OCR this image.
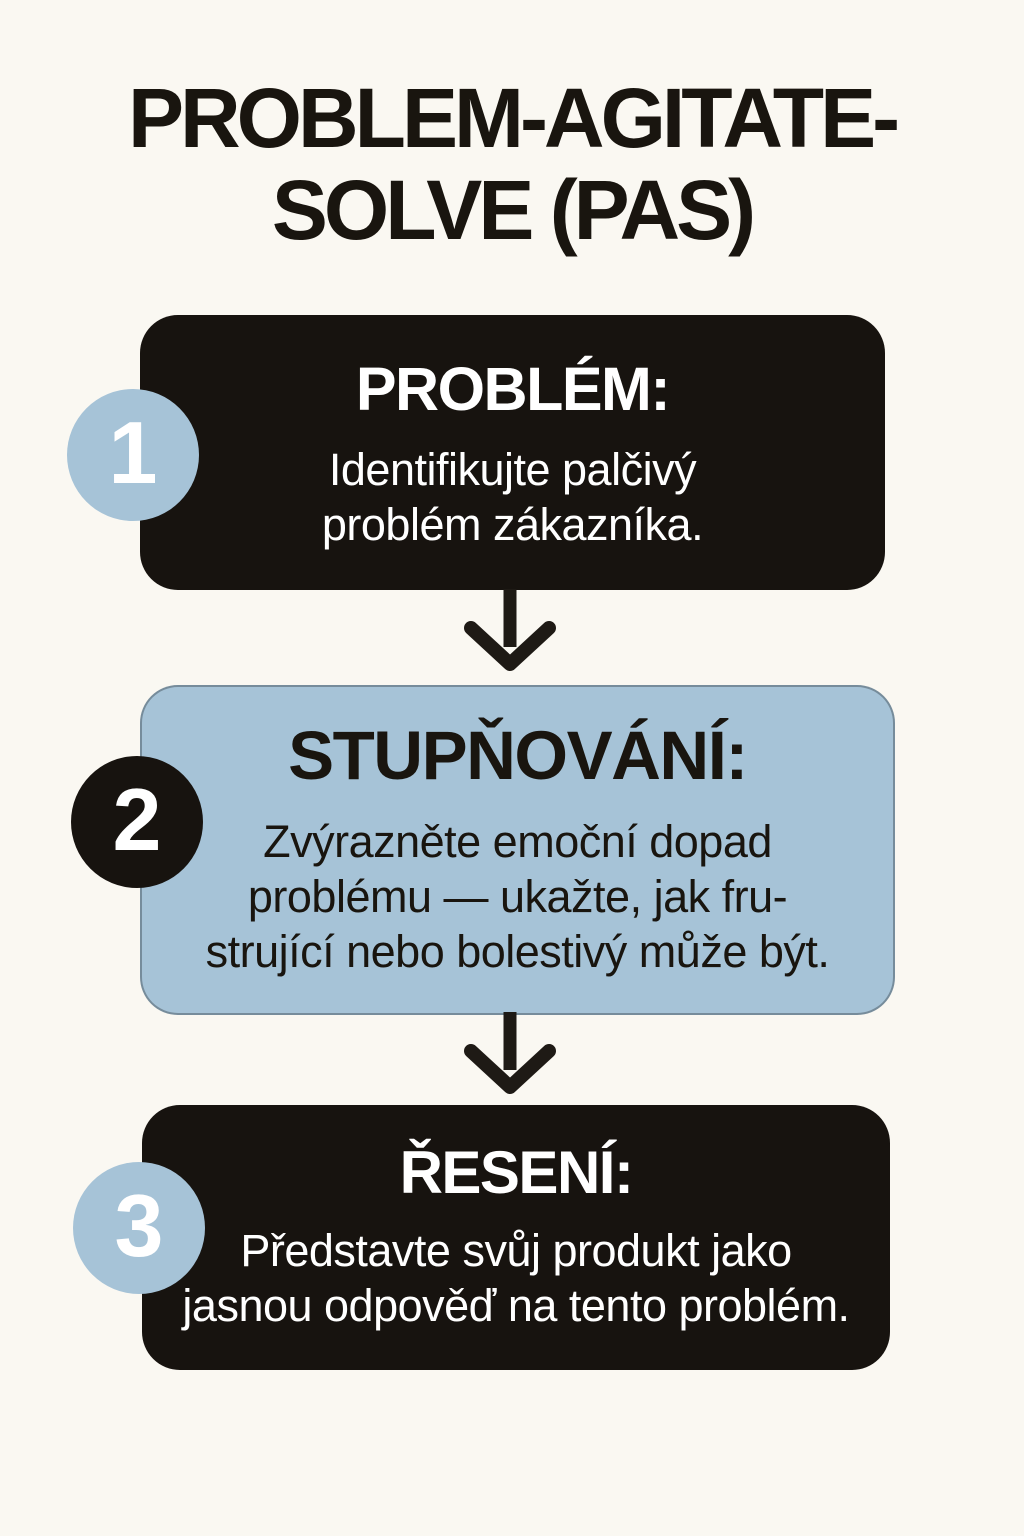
PROBLEM-AGITATE-
SOLVE (PAS)
PROBLÉM:

Identifikujte palčivý
problém zákazníka.

1
STUPŇOVÁNÍ:

Zvýrazněte emoční dopad
problému — ukažte, jak fru-
strující nebo bolestivý může být.

2
ŘESENÍ:

Představte svůj produkt jako
jasnou odpověď na tento problém.

3
